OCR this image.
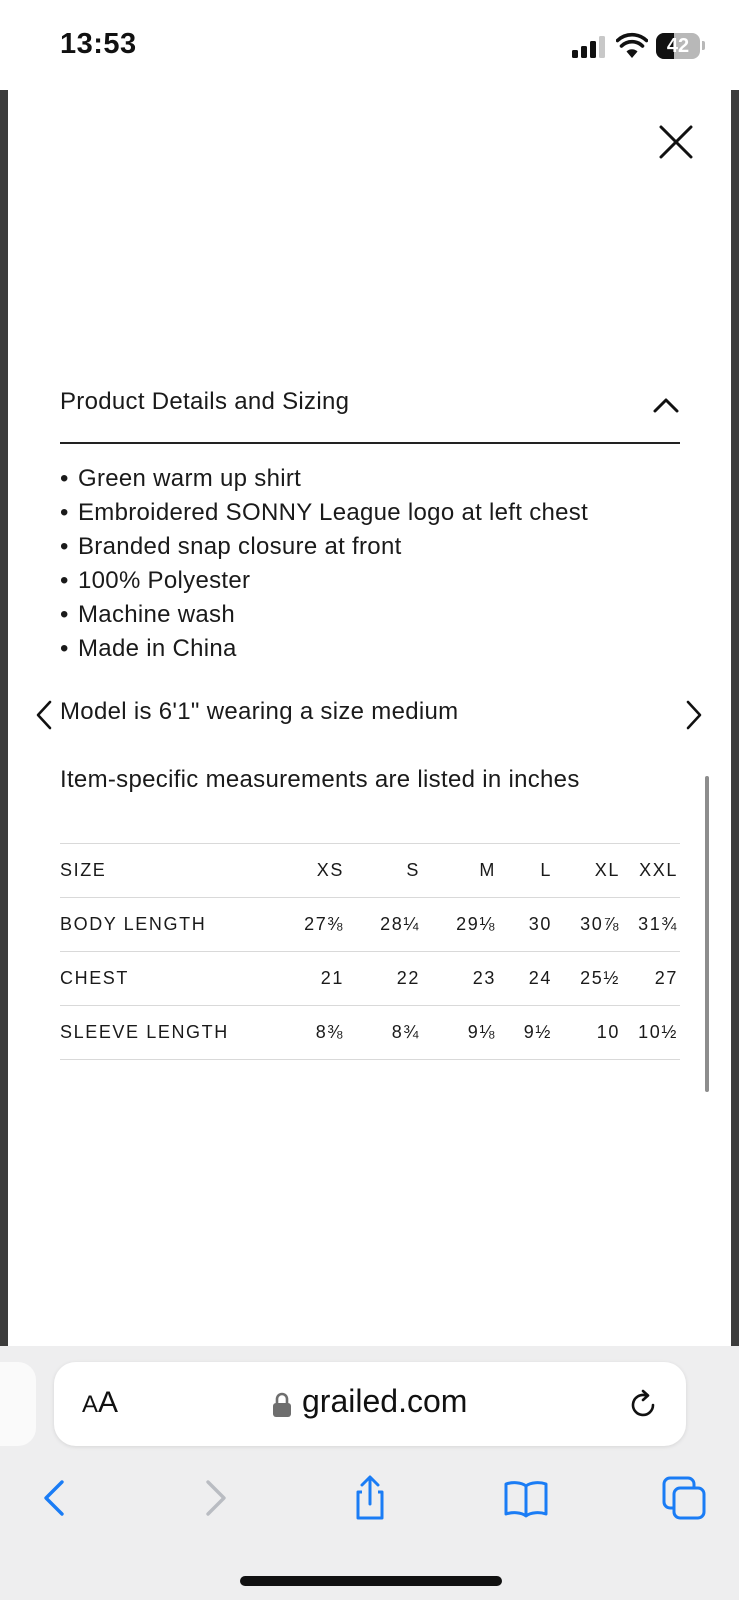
13:53	42
Product Details and Sizing
• Green warm up shirt
• Embroidered SONNY League logo at left chest
• Branded snap closure at front
• 100% Polyester
• Machine wash
• Made in China
Model is 6'1" wearing a size medium
Item-specific measurements are listed in inches
SIZE	XS	S	M	L	XL	XXL
BODY LENGTH	27⅜	28¼	29⅛	30	30⅞	31¾
CHEST	21	22	23	24	25½	27
SLEEVE LENGTH	8⅜	8¾	9⅛	9½	10	10½
AA	grailed.com
